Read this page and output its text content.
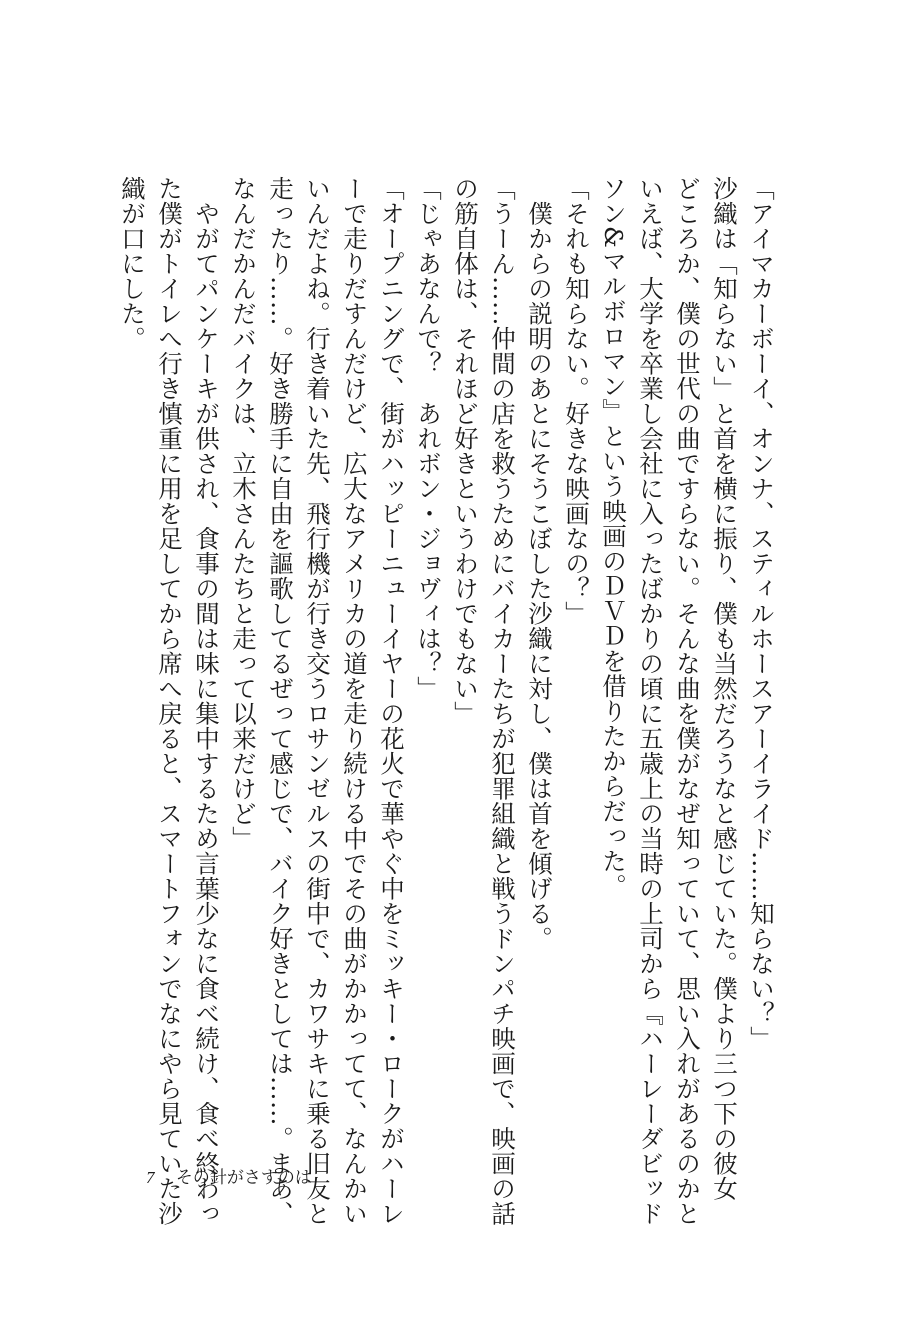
「アイマカーボーイ、オンナ、スティルホースアーイライド……知らない？」
沙織は「知らない」と首を横に振り、僕も当然だろうなと感じていた。僕より三つ下の彼女
どころか、僕の世代の曲ですらない。そんな曲を僕がなぜ知っていて、思い入れがあるのかと
いえば、大学を卒業し会社に入ったばかりの頃に五歳上の当時の上司から『ハーレーダビッド
ソン&マルボロマン』という映画のＤＶＤを借りたからだった。
「それも知らない。好きな映画なの？」
　僕からの説明のあとにそうこぼした沙織に対し、僕は首を傾げる。
「うーん……仲間の店を救うためにバイカーたちが犯罪組織と戦うドンパチ映画で、映画の話
の筋自体は、それほど好きというわけでもない」
「じゃあなんで？　あれボン・ジョヴィは？」
「オープニングで、街がハッピーニューイヤーの花火で華やぐ中をミッキー・ロークがハーレ
ーで走りだすんだけど、広大なアメリカの道を走り続ける中でその曲がかかってて、なんかい
いんだよね。行き着いた先、飛行機が行き交うロサンゼルスの街中で、カワサキに乗る旧友と
走ったり……。好き勝手に自由を謳歌してるぜって感じで、バイク好きとしては……。まあ、
なんだかんだバイクは、立木さんたちと走って以来だけど」
　やがてパンケーキが供され、食事の間は味に集中するため言葉少なに食べ続け、食べ終わっ
た僕がトイレへ行き慎重に用を足してから席へ戻ると、スマートフォンでなにやら見ていた沙
織が口にした。
7 その針がさすのは
